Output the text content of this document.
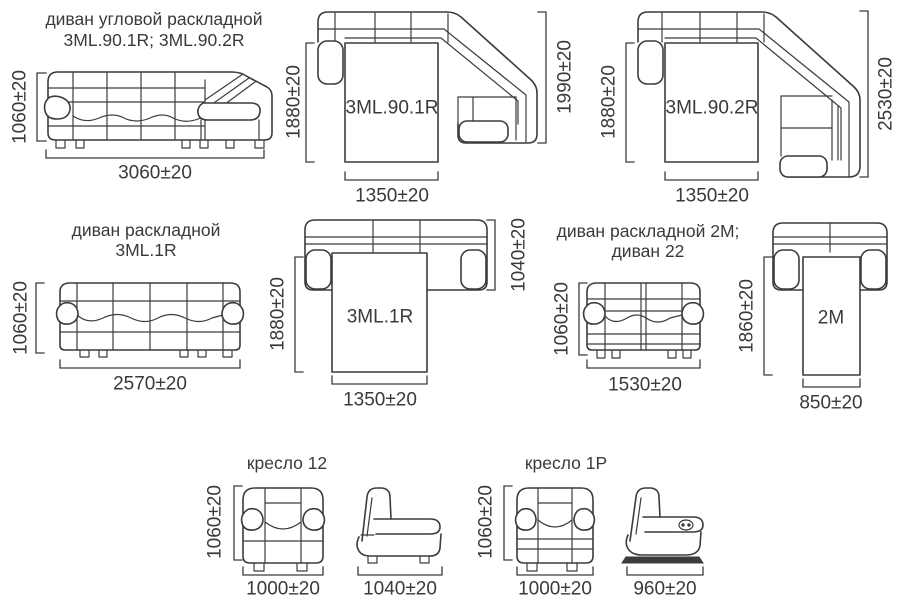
диван угловой раскладной
3ML.90.1R; 3ML.90.2R
1060±20
3060±20
3ML.90.1R
1880±20	1990±20
1350±20
3ML.90.2R
1880±20	2530±20
1350±20
диван раскладной
3ML.1R
1060±20
2570±20
3ML.1R
1880±20
1040±20
1350±20
диван раскладной 2М;
диван 22
1060±20
1530±20
2M
1860±20
850±20
кресло 12
1060±20
1000±20 1040±20
кресло 1Р
1060±20
1000±20 960±20
